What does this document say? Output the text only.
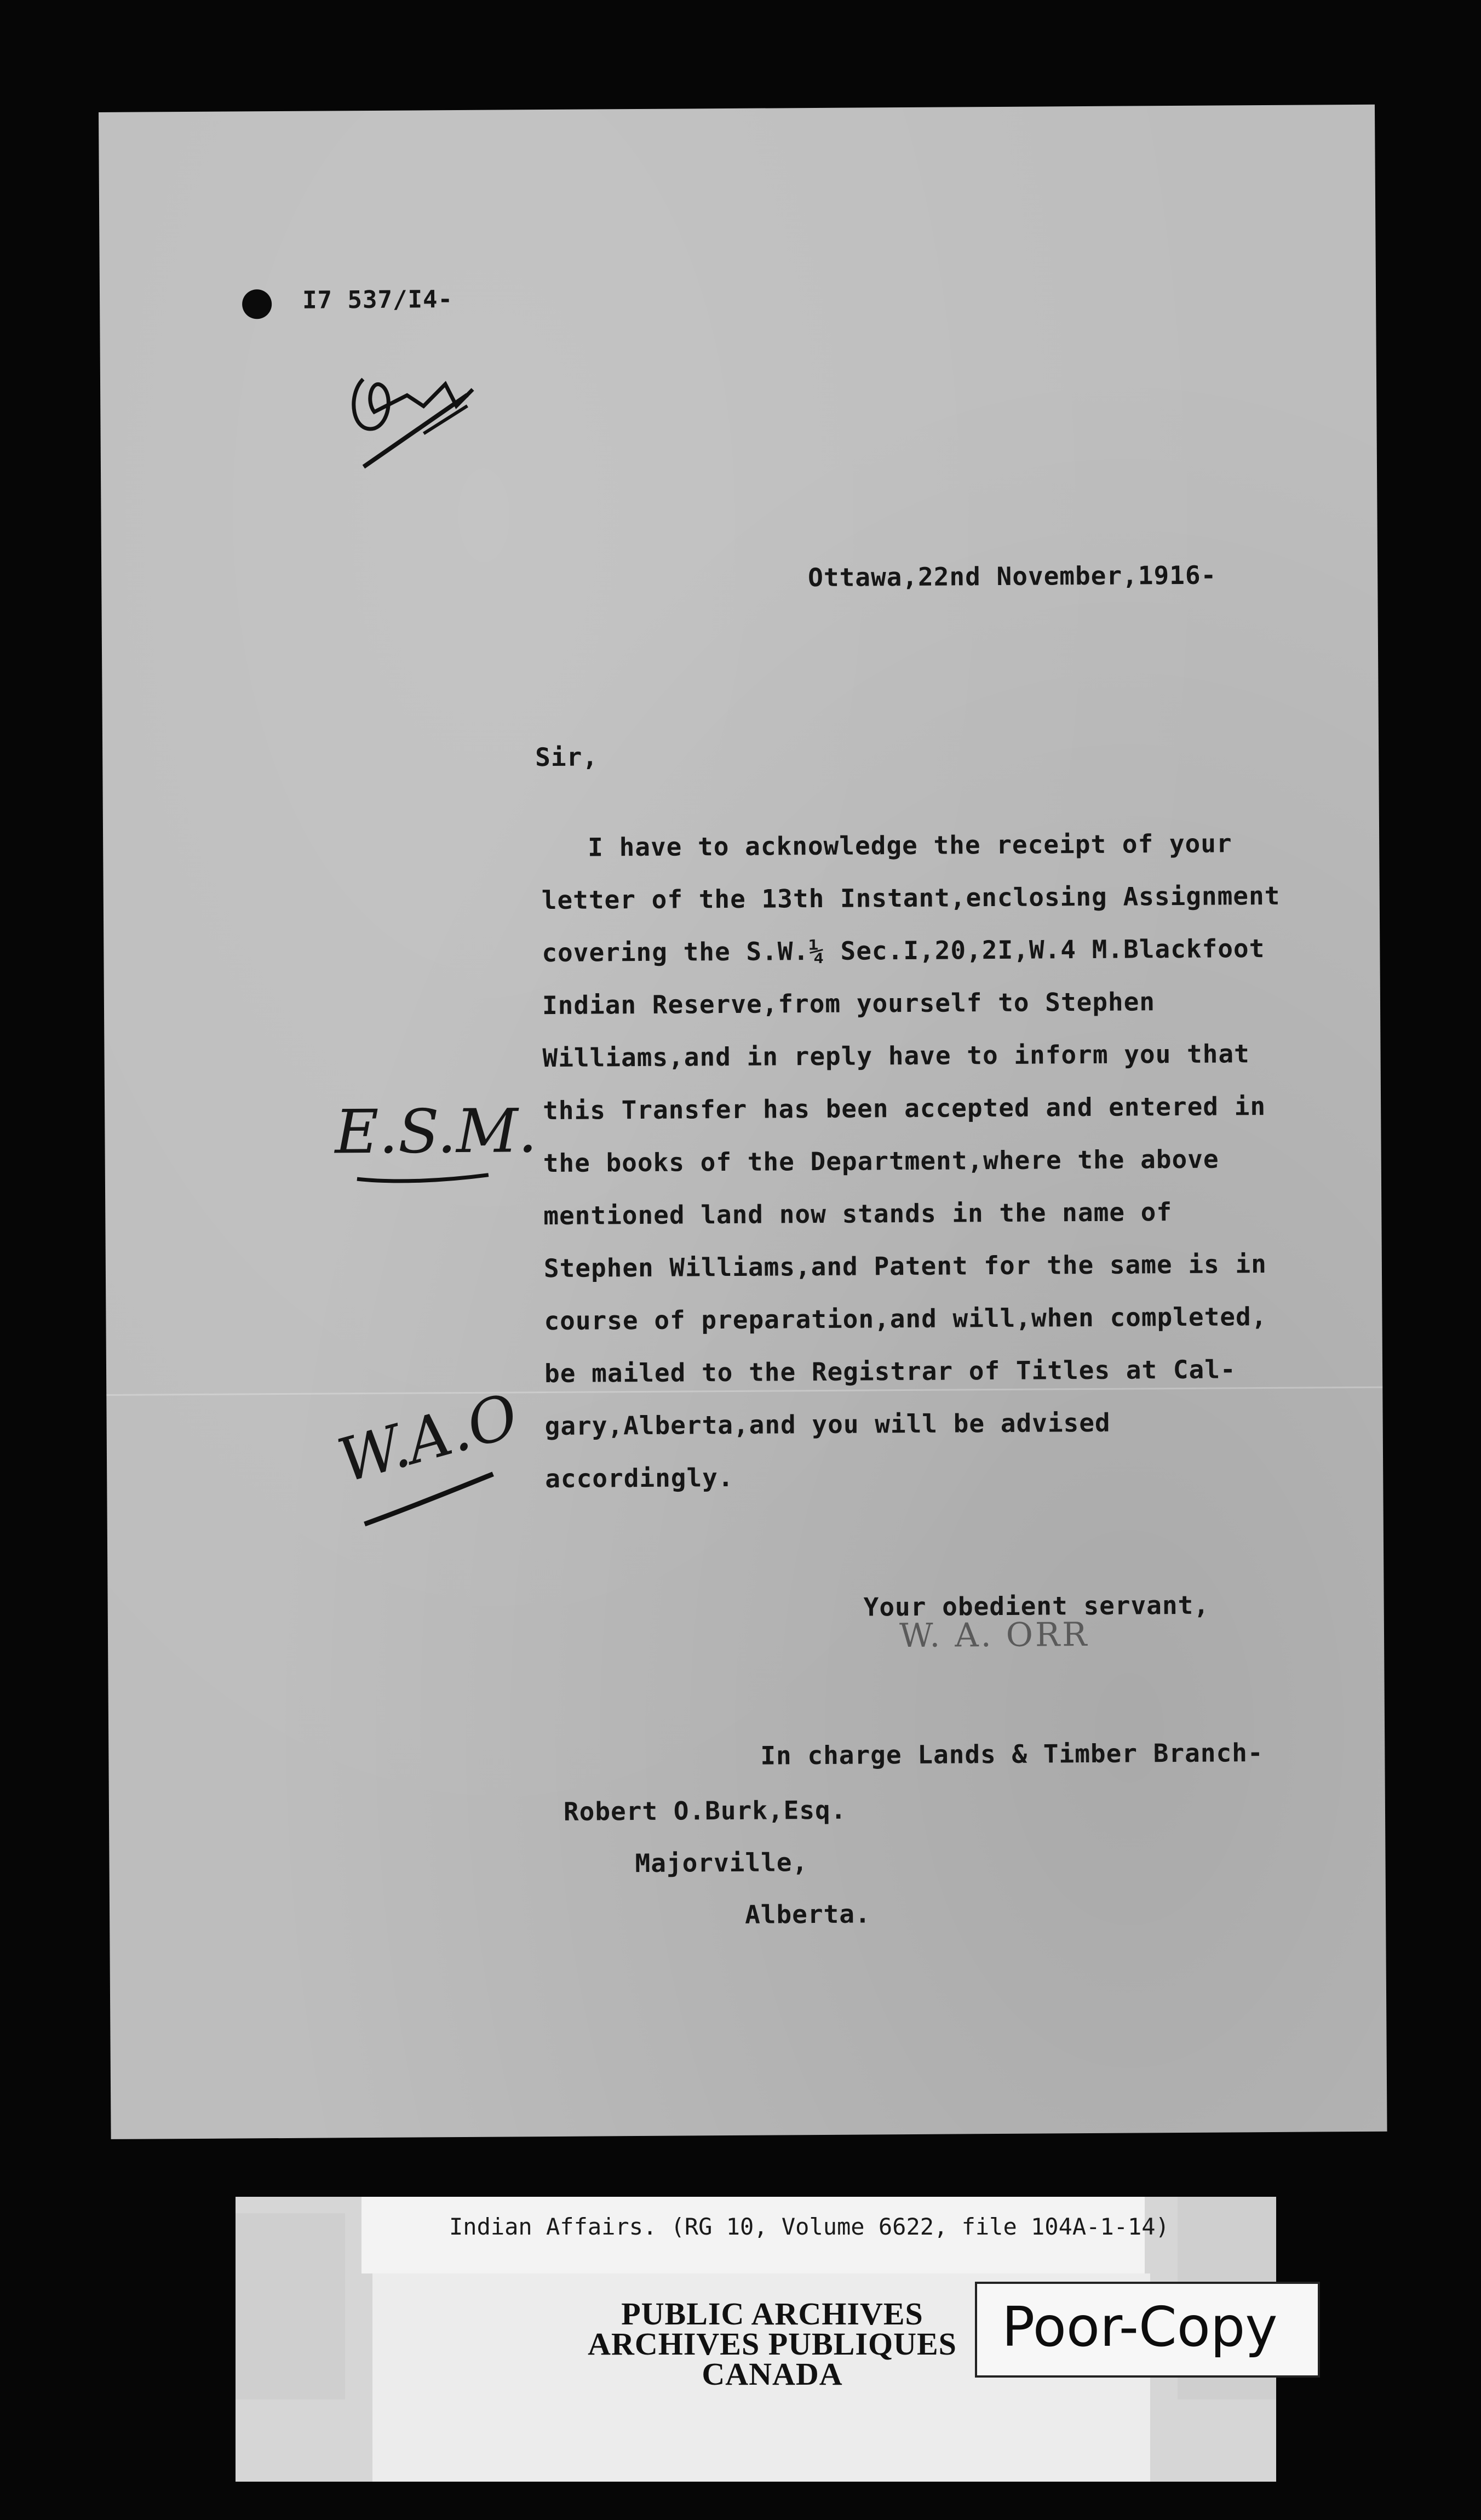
I7 537/I4-
Ottawa,22nd November,1916-
Sir,
I have to acknowledge the receipt of your
letter of the 13th Instant,enclosing Assignment
covering the S.W.¼ Sec.I,20,2I,W.4 M.Blackfoot
Indian Reserve,from yourself to Stephen
Williams,and in reply have to inform you that
this Transfer has been accepted and entered in
the books of the Department,where the above
mentioned land now stands in the name of
Stephen Williams,and Patent for the same is in
course of preparation,and will,when completed,
be mailed to the Registrar of Titles at Cal-
gary,Alberta,and you will be advised
accordingly.
E.S.M.
W.A.O
Your obedient servant,
W. A. ORR
In charge Lands & Timber Branch-
Robert O.Burk,Esq.
Majorville,
Alberta.
Indian Affairs. (RG 10, Volume 6622, file 104A-1-14)
PUBLIC ARCHIVES
ARCHIVES PUBLIQUES
CANADA
Poor-Copy
